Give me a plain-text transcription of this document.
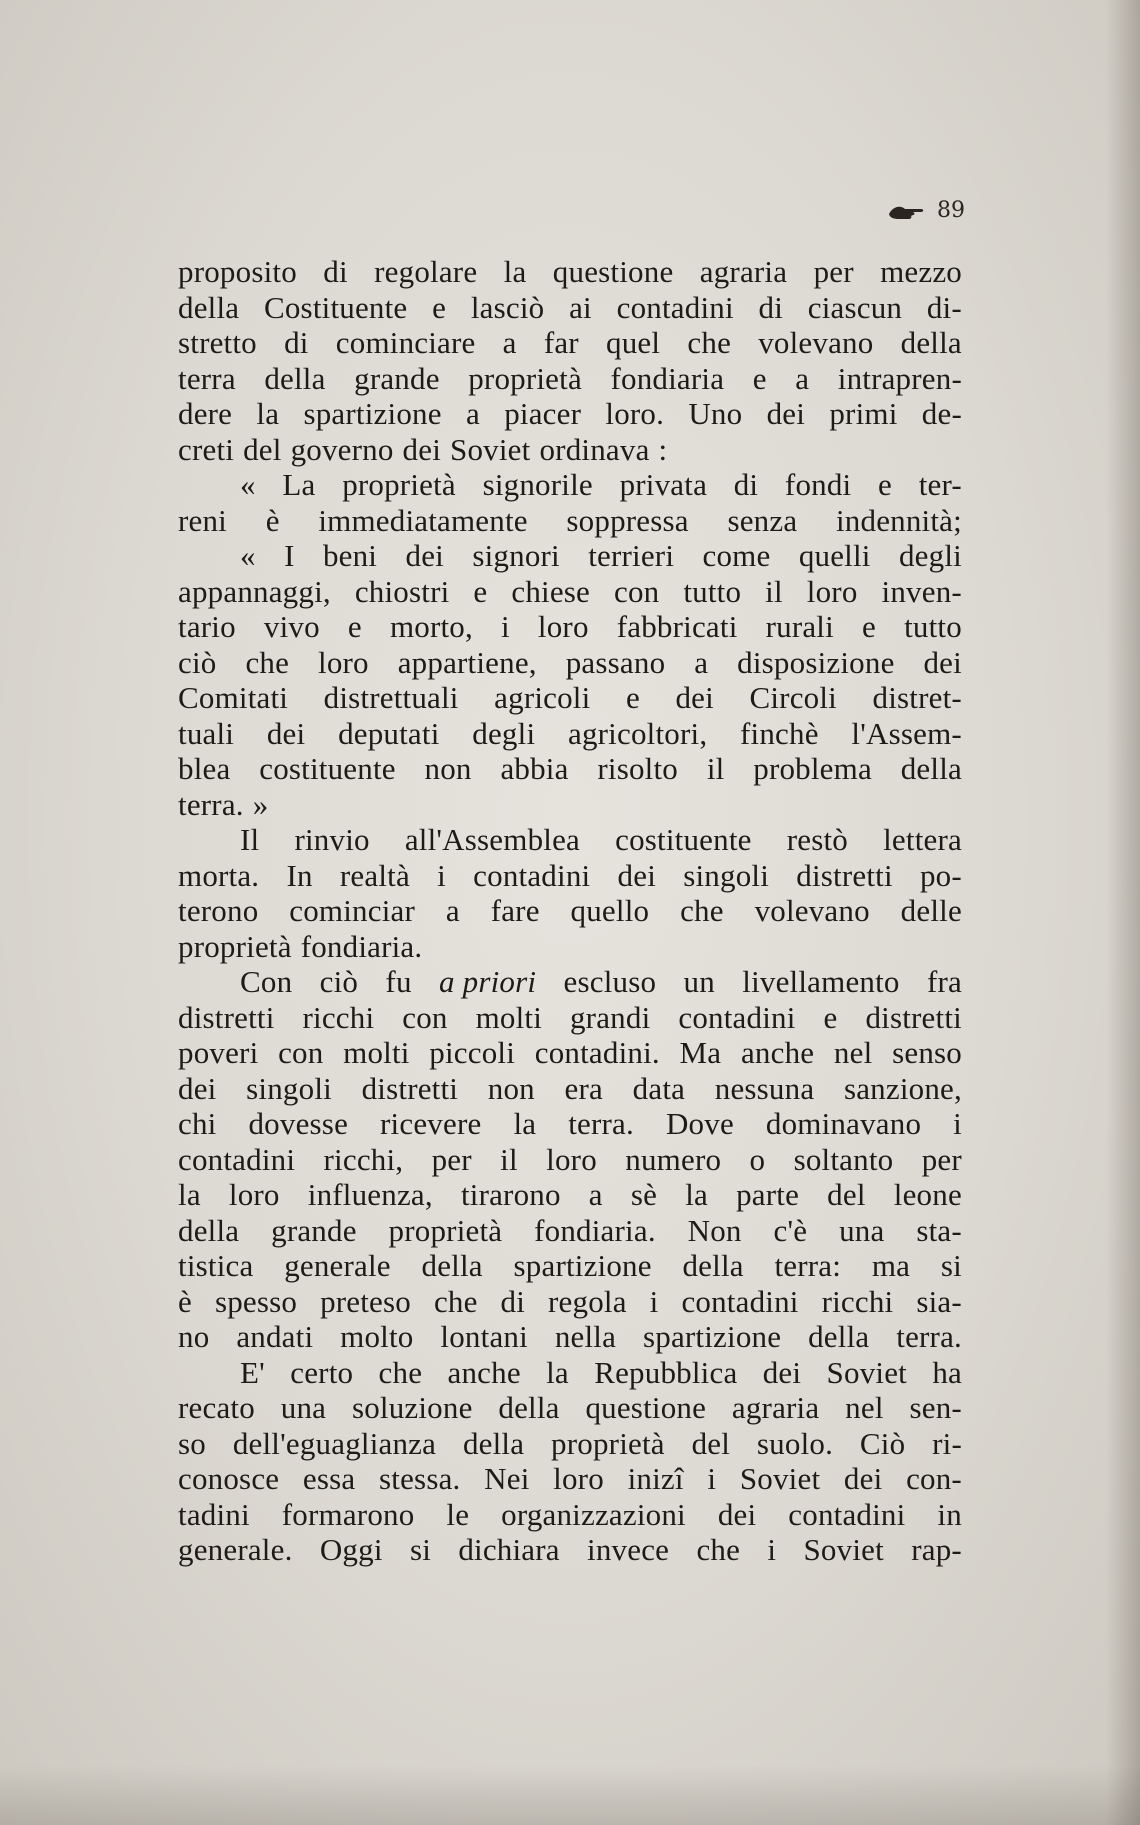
89
proposito di regolare la questione agraria per mezzo
della Costituente e lasciò ai contadini di ciascun di-
stretto di cominciare a far quel che volevano della
terra della grande proprietà fondiaria e a intrapren-
dere la spartizione a piacer loro. Uno dei primi de-
creti del governo dei Soviet ordinava :
« La proprietà signorile privata di fondi e ter-
reni è immediatamente soppressa senza indennità;
« I beni dei signori terrieri come quelli degli
appannaggi, chiostri e chiese con tutto il loro inven-
tario vivo e morto, i loro fabbricati rurali e tutto
ciò che loro appartiene, passano a disposizione dei
Comitati distrettuali agricoli e dei Circoli distret-
tuali dei deputati degli agricoltori, finchè l'Assem-
blea costituente non abbia risolto il problema della
terra. »
Il rinvio all'Assemblea costituente restò lettera
morta. In realtà i contadini dei singoli distretti po-
terono cominciar a fare quello che volevano delle
proprietà fondiaria.
Con ciò fu a priori escluso un livellamento fra
distretti ricchi con molti grandi contadini e distretti
poveri con molti piccoli contadini. Ma anche nel senso
dei singoli distretti non era data nessuna sanzione,
chi dovesse ricevere la terra. Dove dominavano i
contadini ricchi, per il loro numero o soltanto per
la loro influenza, tirarono a sè la parte del leone
della grande proprietà fondiaria. Non c'è una sta-
tistica generale della spartizione della terra: ma si
è spesso preteso che di regola i contadini ricchi sia-
no andati molto lontani nella spartizione della terra.
E' certo che anche la Repubblica dei Soviet ha
recato una soluzione della questione agraria nel sen-
so dell'eguaglianza della proprietà del suolo. Ciò ri-
conosce essa stessa. Nei loro inizî i Soviet dei con-
tadini formarono le organizzazioni dei contadini in
generale. Oggi si dichiara invece che i Soviet rap-
